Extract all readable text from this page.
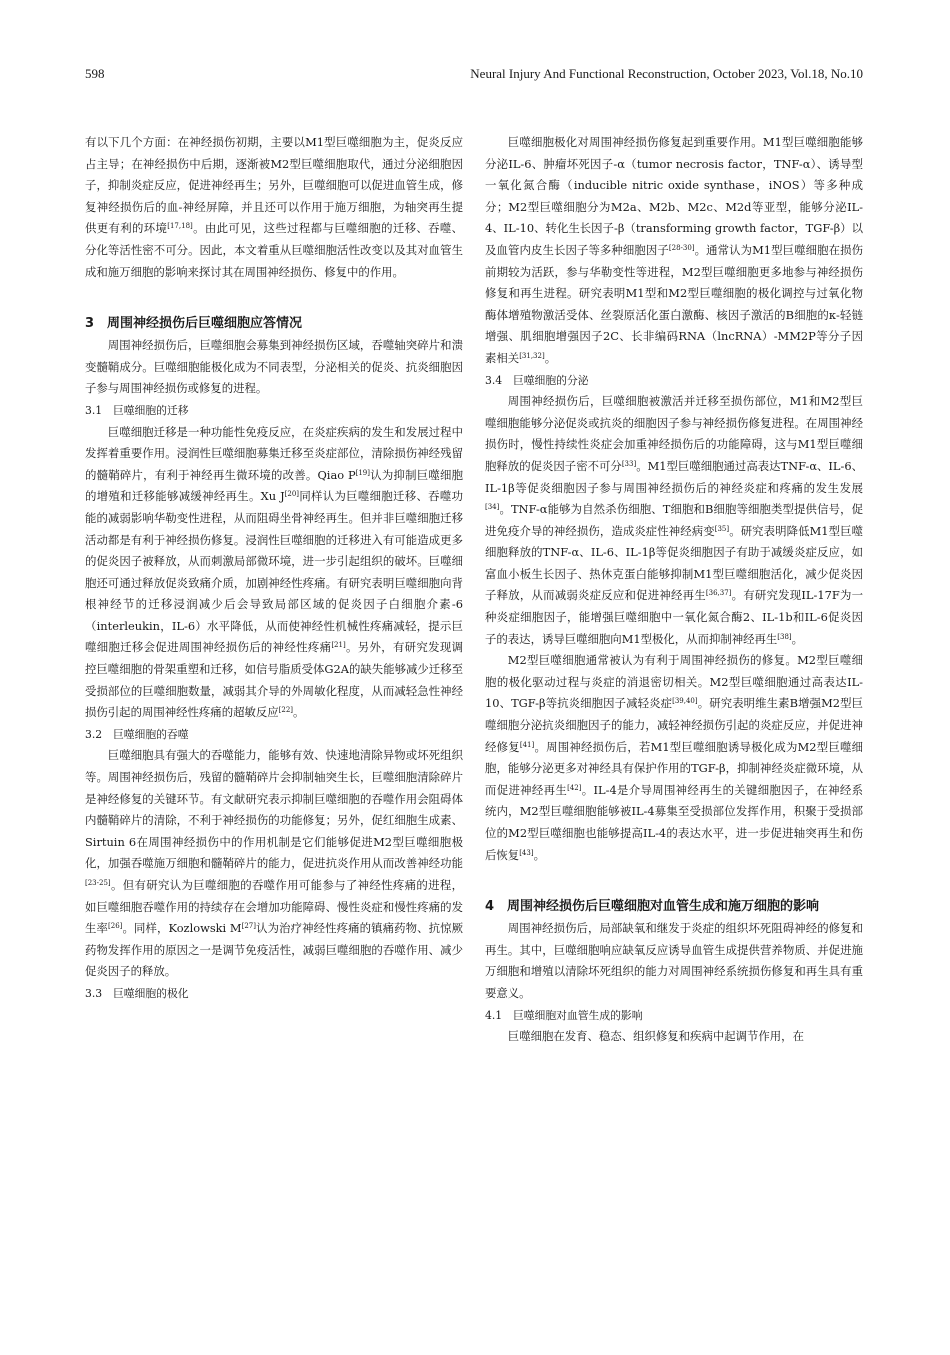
598	Neural Injury And Functional Reconstruction, October 2023, Vol.18, No.10

有以下几个方面：在神经损伤初期，主要以M1型巨噬细胞为主，促炎反应占主导；在神经损伤中后期，逐渐被M2型巨噬细胞取代，通过分泌细胞因子，抑制炎症反应，促进神经再生；另外，巨噬细胞可以促进血管生成，修复神经损伤后的血-神经屏障，并且还可以作用于施万细胞，为轴突再生提供更有利的环境[17,18]。由此可见，这些过程都与巨噬细胞的迁移、吞噬、分化等活性密不可分。因此，本文着重从巨噬细胞活性改变以及其对血管生成和施万细胞的影响来探讨其在周围神经损伤、修复中的作用。

3　周围神经损伤后巨噬细胞应答情况

周围神经损伤后，巨噬细胞会募集到神经损伤区域，吞噬轴突碎片和溃变髓鞘成分。巨噬细胞能极化成为不同表型，分泌相关的促炎、抗炎细胞因子参与周围神经损伤或修复的进程。

3.1　巨噬细胞的迁移

巨噬细胞迁移是一种功能性免疫反应，在炎症疾病的发生和发展过程中发挥着重要作用。浸润性巨噬细胞募集迁移至炎症部位，清除损伤神经残留的髓鞘碎片，有利于神经再生微环境的改善。Qiao P[19]认为抑制巨噬细胞的增殖和迁移能够减缓神经再生。Xu J[20]同样认为巨噬细胞迁移、吞噬功能的减弱影响华勒变性进程，从而阻碍坐骨神经再生。但并非巨噬细胞迁移活动都是有利于神经损伤修复。浸润性巨噬细胞的迁移进入有可能造成更多的促炎因子被释放，从而刺激局部微环境，进一步引起组织的破坏。巨噬细胞还可通过释放促炎致痛介质，加剧神经性疼痛。有研究表明巨噬细胞向背根神经节的迁移浸润减少后会导致局部区域的促炎因子白细胞介素-6（interleukin，IL-6）水平降低，从而使神经性机械性疼痛减轻，提示巨噬细胞迁移会促进周围神经损伤后的神经性疼痛[21]。另外，有研究发现调控巨噬细胞的骨架重塑和迁移，如信号脂质受体G2A的缺失能够减少迁移至受损部位的巨噬细胞数量，减弱其介导的外周敏化程度，从而减轻急性神经损伤引起的周围神经性疼痛的超敏反应[22]。

3.2　巨噬细胞的吞噬

巨噬细胞具有强大的吞噬能力，能够有效、快速地清除异物或坏死组织等。周围神经损伤后，残留的髓鞘碎片会抑制轴突生长，巨噬细胞清除碎片是神经修复的关键环节。有文献研究表示抑制巨噬细胞的吞噬作用会阻碍体内髓鞘碎片的清除，不利于神经损伤的功能修复；另外，促红细胞生成素、Sirtuin 6在周围神经损伤中的作用机制是它们能够促进M2型巨噬细胞极化，加强吞噬施万细胞和髓鞘碎片的能力，促进抗炎作用从而改善神经功能[23-25]。但有研究认为巨噬细胞的吞噬作用可能参与了神经性疼痛的进程，如巨噬细胞吞噬作用的持续存在会增加功能障碍、慢性炎症和慢性疼痛的发生率[26]。同样，Kozlowski M[27]认为治疗神经性疼痛的镇痛药物、抗惊厥药物发挥作用的原因之一是调节免疫活性，减弱巨噬细胞的吞噬作用、减少促炎因子的释放。

3.3　巨噬细胞的极化

巨噬细胞极化对周围神经损伤修复起到重要作用。M1型巨噬细胞能够分泌IL-6、肿瘤坏死因子-α（tumor necrosis factor，TNF-α）、诱导型一氧化氮合酶（inducible nitric oxide synthase，iNOS）等多种成分；M2型巨噬细胞分为M2a、M2b、M2c、M2d等亚型，能够分泌IL-4、IL-10、转化生长因子-β（transforming growth factor，TGF-β）以及血管内皮生长因子等多种细胞因子[28-30]。通常认为M1型巨噬细胞在损伤前期较为活跃，参与华勒变性等进程，M2型巨噬细胞更多地参与神经损伤修复和再生进程。研究表明M1型和M2型巨噬细胞的极化调控与过氧化物酶体增殖物激活受体、丝裂原活化蛋白激酶、核因子激活的B细胞的κ-轻链增强、肌细胞增强因子2C、长非编码RNA（lncRNA）-MM2P等分子因素相关[31,32]。

3.4　巨噬细胞的分泌

周围神经损伤后，巨噬细胞被激活并迁移至损伤部位，M1和M2型巨噬细胞能够分泌促炎或抗炎的细胞因子参与神经损伤修复进程。在周围神经损伤时，慢性持续性炎症会加重神经损伤后的功能障碍，这与M1型巨噬细胞释放的促炎因子密不可分[33]。M1型巨噬细胞通过高表达TNF-α、IL-6、IL-1β等促炎细胞因子参与周围神经损伤后的神经炎症和疼痛的发生发展[34]。TNF-α能够为自然杀伤细胞、T细胞和B细胞等细胞类型提供信号，促进免疫介导的神经损伤，造成炎症性神经病变[35]。研究表明降低M1型巨噬细胞释放的TNF-α、IL-6、IL-1β等促炎细胞因子有助于减缓炎症反应，如富血小板生长因子、热休克蛋白能够抑制M1型巨噬细胞活化，减少促炎因子释放，从而减弱炎症反应和促进神经再生[36,37]。有研究发现IL-17F为一种炎症细胞因子，能增强巨噬细胞中一氧化氮合酶2、IL-1b和IL-6促炎因子的表达，诱导巨噬细胞向M1型极化，从而抑制神经再生[38]。

M2型巨噬细胞通常被认为有利于周围神经损伤的修复。M2型巨噬细胞的极化驱动过程与炎症的消退密切相关。M2型巨噬细胞通过高表达IL-10、TGF-β等抗炎细胞因子减轻炎症[39,40]。研究表明维生素B增强M2型巨噬细胞分泌抗炎细胞因子的能力，减轻神经损伤引起的炎症反应，并促进神经修复[41]。周围神经损伤后，若M1型巨噬细胞诱导极化成为M2型巨噬细胞，能够分泌更多对神经具有保护作用的TGF-β，抑制神经炎症微环境，从而促进神经再生[42]。IL-4是介导周围神经再生的关键细胞因子，在神经系统内，M2型巨噬细胞能够被IL-4募集至受损部位发挥作用，积聚于受损部位的M2型巨噬细胞也能够提高IL-4的表达水平，进一步促进轴突再生和伤后恢复[43]。

4　周围神经损伤后巨噬细胞对血管生成和施万细胞的影响

周围神经损伤后，局部缺氧和继发于炎症的组织坏死阻碍神经的修复和再生。其中，巨噬细胞响应缺氧反应诱导血管生成提供营养物质、并促进施万细胞和增殖以清除坏死组织的能力对周围神经系统损伤修复和再生具有重要意义。

4.1　巨噬细胞对血管生成的影响

巨噬细胞在发育、稳态、组织修复和疾病中起调节作用，在
